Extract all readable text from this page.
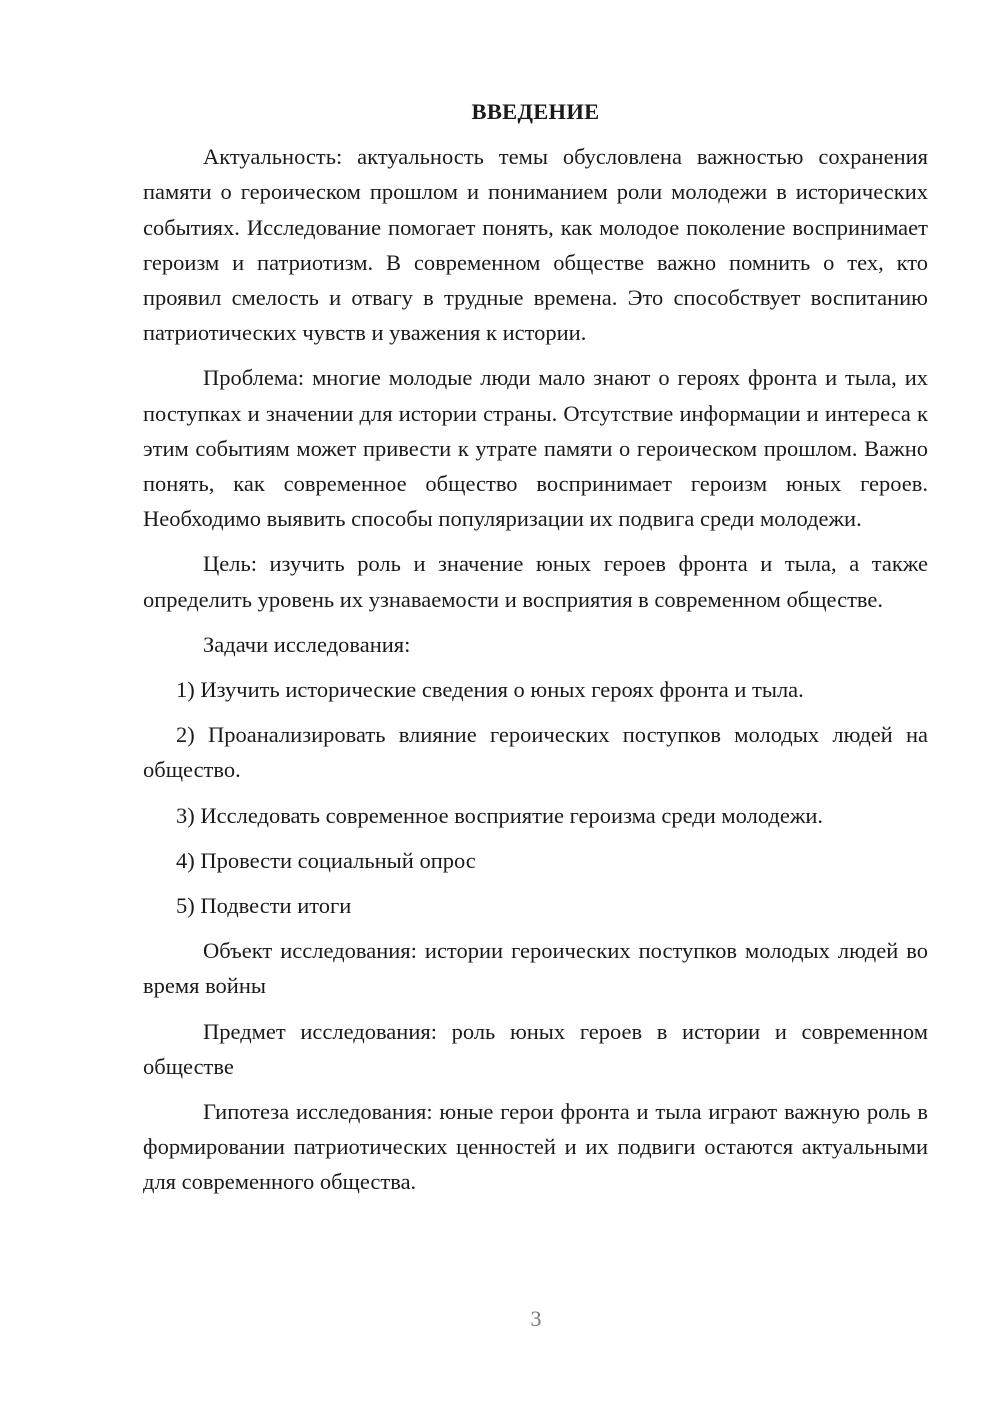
ВВЕДЕНИЕ

Актуальность: актуальность темы обусловлена важностью сохранения памяти о героическом прошлом и пониманием роли молодежи в исторических событиях. Исследование помогает понять, как молодое поколение воспринимает героизм и патриотизм. В современном обществе важно помнить о тех, кто проявил смелость и отвагу в трудные времена. Это способствует воспитанию патриотических чувств и уважения к истории.

Проблема: многие молодые люди мало знают о героях фронта и тыла, их поступках и значении для истории страны. Отсутствие информации и интереса к этим событиям может привести к утрате памяти о героическом прошлом. Важно понять, как современное общество воспринимает героизм юных героев. Необходимо выявить способы популяризации их подвига среди молодежи.

Цель: изучить роль и значение юных героев фронта и тыла, а также определить уровень их узнаваемости и восприятия в современном обществе.

Задачи исследования:

1) Изучить исторические сведения о юных героях фронта и тыла.

2) Проанализировать влияние героических поступков молодых людей на общество.

3) Исследовать современное восприятие героизма среди молодежи.

4) Провести социальный опрос

5) Подвести итоги

Объект исследования: истории героических поступков молодых людей во время войны

Предмет исследования: роль юных героев в истории и современном обществе

Гипотеза исследования: юные герои фронта и тыла играют важную роль в формировании патриотических ценностей и их подвиги остаются актуальными для современного общества.

3
